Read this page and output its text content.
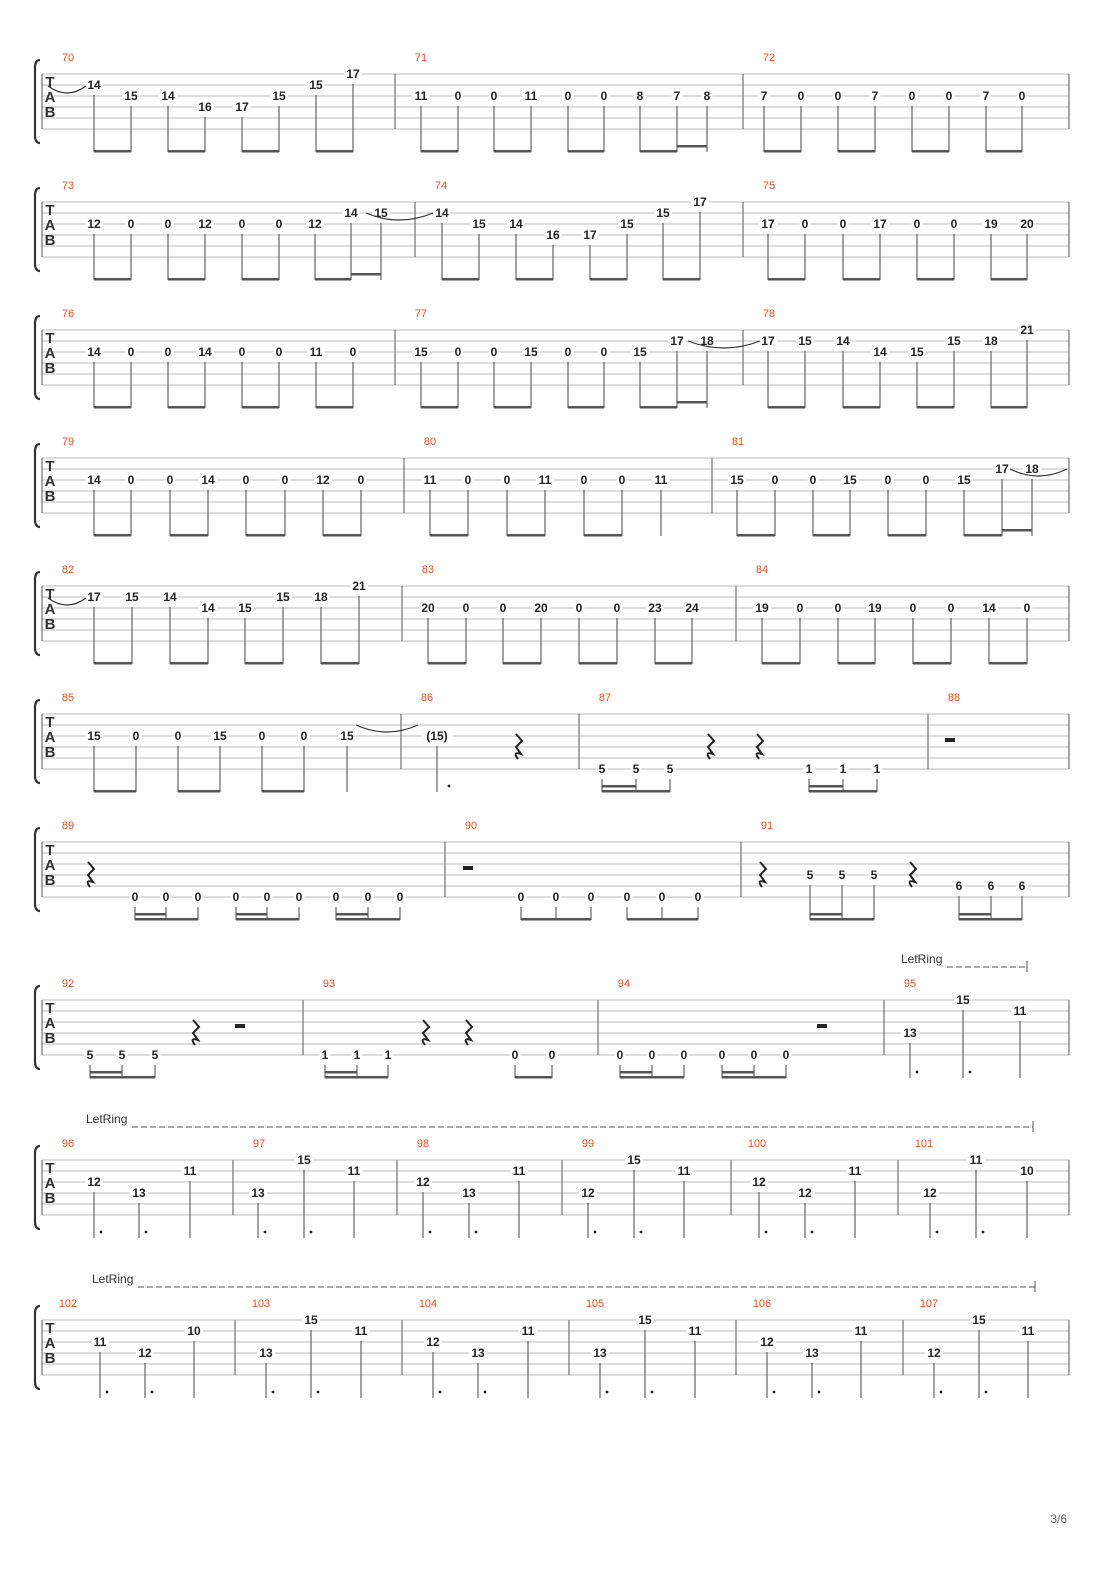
T
A
B
70
14
15 14
16 17
15
15
17
71
11 0 0 11 0 0 8	7 8
72
7	0	0	7	0	0	7 0
T
A
B
73
12 0	0 12 0	0 12
14 15
74
14
15 14
16 17
15
15
17
75
17 0	0 17 0	0 19 20
T
A
B
76
14 0	0 14 0	0 11 0
77
15 0 0 15 0 0 15
17 18
78
17 15 14
14 15
15 18
21
T
A
B
79
14 0	0 14 0	0 12 0
80
11 0	0 11 0	0 11
81
15 0	0 15 0	0 15
17 18
T
A
B
82
17 15 14
14 15
15 18
21
83
20 0	0 20 0	0 23 24
84
19 0	0 19 0	0 14 0
T
A
B
85
15	0	0	15	0	0	15
86
(15)
87
5 5 5	1 1 1
88
T
A
B
89
0 0 0	0 0 0	0 0 0
90
0 0 0 0 0 0
91
5 5 5
6 6 6
T
A
B
92
5 5 5
93
1 1 1	0	0
94
0 0 0	0 0 0
95
13
15
11
T
A
B
96
12
13
11
97
13
15
11
98
12
13
11
99
12
15
11
100
12
12
11
101
12
11
10
T
A
B
102
11
12
10
103
13
15
11
104
12
13
11
105
13
15
11
106
12
13
11
107
12
15
11
LetRing
LetRing
LetRing
3/6
